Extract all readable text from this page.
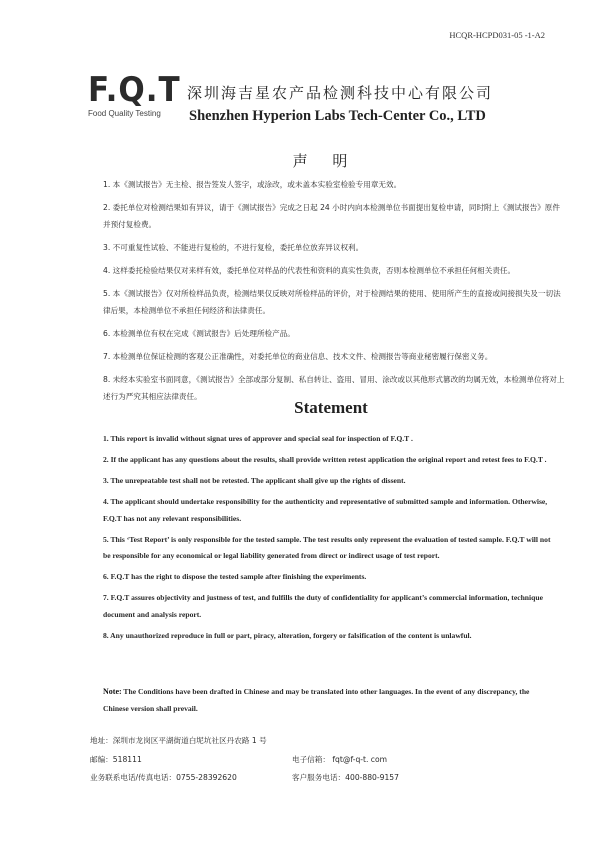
HCQR-HCPD031-05 -1-A2
F.Q.T
Food Quality Testing
深圳海吉星农产品检测科技中心有限公司
Shenzhen Hyperion Labs Tech-Center Co., LTD
声 明

1. 本《测试报告》无主检、报告签发人签字，或涂改，或未盖本实验室检验专用章无效。

2. 委托单位对检测结果如有异议，请于《测试报告》完成之日起 24 小时内向本检测单位书面提出复检申请，同时附上《测试报告》原件并预付复检费。

3. 不可重复性试验、不能进行复检的，不进行复检，委托单位放弃异议权利。

4. 这样委托检验结果仅对来样有效，委托单位对样品的代表性和资料的真实性负责，否则本检测单位不承担任何相关责任。

5. 本《测试报告》仅对所检样品负责，检测结果仅反映对所检样品的评价，对于检测结果的使用、使用所产生的直接或间接损失及一切法律后果，本检测单位不承担任何经济和法律责任。

6. 本检测单位有权在完成《测试报告》后处理所检产品。

7. 本检测单位保证检测的客观公正准确性，对委托单位的商业信息、技术文件、检测报告等商业秘密履行保密义务。

8. 未经本实验室书面同意，《测试报告》全部或部分复制、私自转让、盗用、冒用、涂改或以其他形式篡改的均属无效，本检测单位将对上述行为严究其相应法律责任。

Statement

1. This report is invalid without signat ures of approver and special seal for inspection of F.Q.T .

2. If the applicant has any questions about the results, shall provide written retest application the original report and retest fees to F.Q.T .

3. The unrepeatable test shall not be retested. The applicant shall give up the rights of dissent.

4. The applicant should undertake responsibility for the authenticity and representative of submitted sample and information. Otherwise, F.Q.T has not any relevant responsibilities.

5. This ‘Test Report’ is only responsible for the tested sample. The test results only represent the evaluation of tested sample. F.Q.T will not be responsible for any economical or legal liability generated from direct or indirect usage of test report.

6. F.Q.T has the right to dispose the tested sample after finishing the experiments.

7. F.Q.T assures objectivity and justness of test, and fulfills the duty of confidentiality for applicant’s commercial information, technique document and analysis report.

8. Any unauthorized reproduce in full or part, piracy, alteration, forgery or falsification of the content is unlawful.

Note: The Conditions have been drafted in Chinese and may be translated into other languages. In the event of any discrepancy, the Chinese version shall prevail.
地址：深圳市龙岗区平湖街道白坭坑社区丹农路 1 号
邮编：518111	电子信箱： fqt@f-q-t. com
业务联系电话/传真电话：0755-28392620	客户服务电话：400-880-9157
